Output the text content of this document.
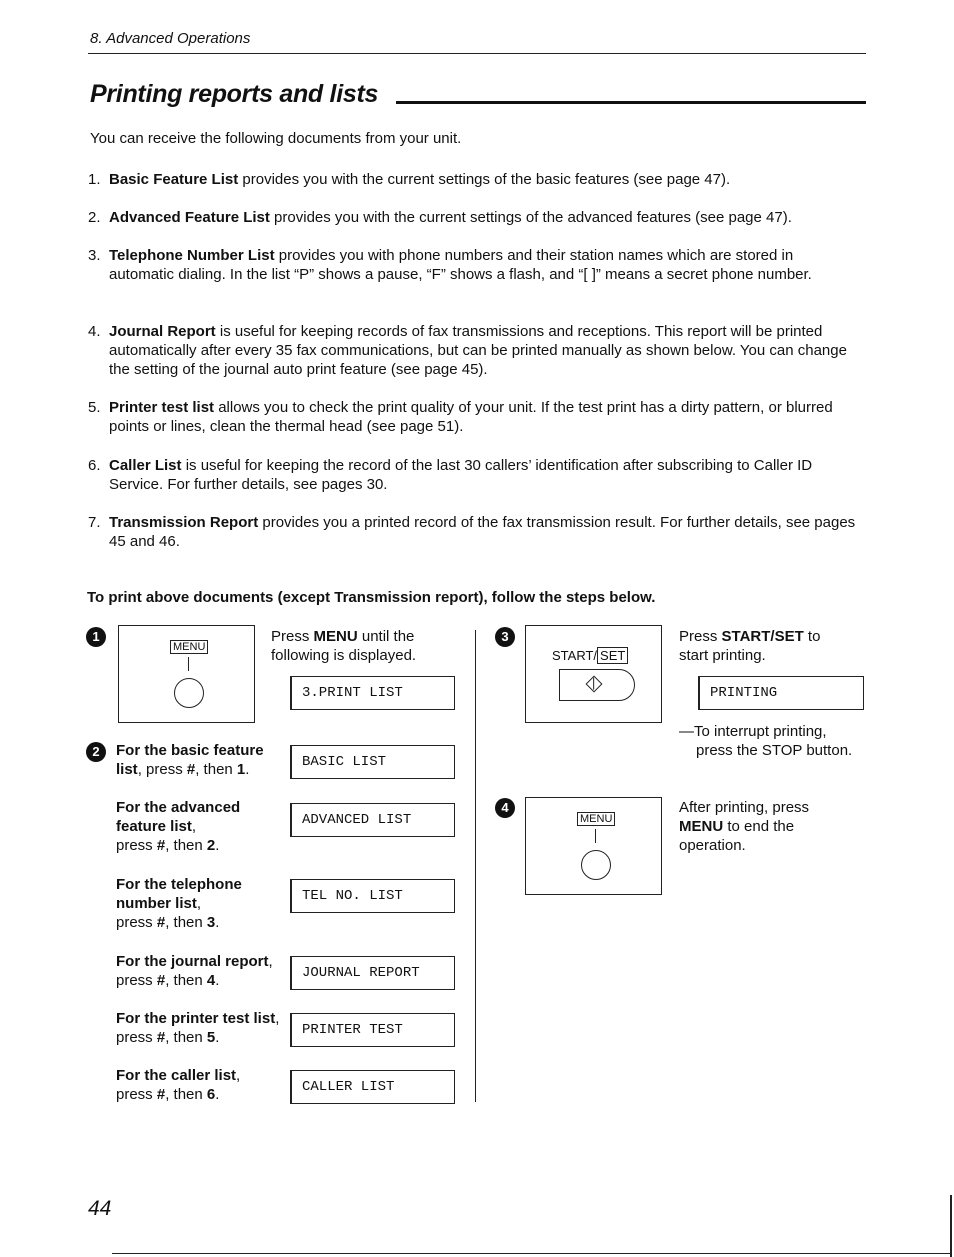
8. Advanced Operations
Printing reports and lists
You can receive the following documents from your unit.
1. Basic Feature List provides you with the current settings of the basic features (see page 47).
2. Advanced Feature List provides you with the current settings of the advanced features (see page 47).
3. Telephone Number List provides you with phone numbers and their station names which are stored in automatic dialing. In the list “P” shows a pause, “F” shows a flash, and “[ ]” means a secret phone number.
4. Journal Report is useful for keeping records of fax transmissions and receptions. This report will be printed automatically after every 35 fax communications, but can be printed manually as shown below. You can change the setting of the journal auto print feature (see page 45).
5. Printer test list allows you to check the print quality of your unit. If the test print has a dirty pattern, or blurred points or lines, clean the thermal head (see page 51).
6. Caller List is useful for keeping the record of the last 30 callers’ identification after subscribing to Caller ID Service. For further details, see pages 30.
7. Transmission Report provides you a printed record of the fax transmission result. For further details, see pages 45 and 46.
To print above documents (except Transmission report), follow the steps below.
1
MENU
Press MENU until the following is displayed.
3.PRINT LIST
2	For the basic feature list, press #, then 1.	BASIC LIST
For the advanced feature list,
press #, then 2.
ADVANCED LIST
For the telephone number list,
press #, then 3.
TEL NO. LIST
For the journal report,
press #, then 4.	JOURNAL REPORT
For the printer test list, press #, then 5.	PRINTER TEST
For the caller list,
press #, then 6.	CALLER LIST
3
START/ SET
Press START/SET to start printing.
PRINTING
—To interrupt printing, press the STOP button.
4
MENU
After printing, press MENU to end the operation.
44
